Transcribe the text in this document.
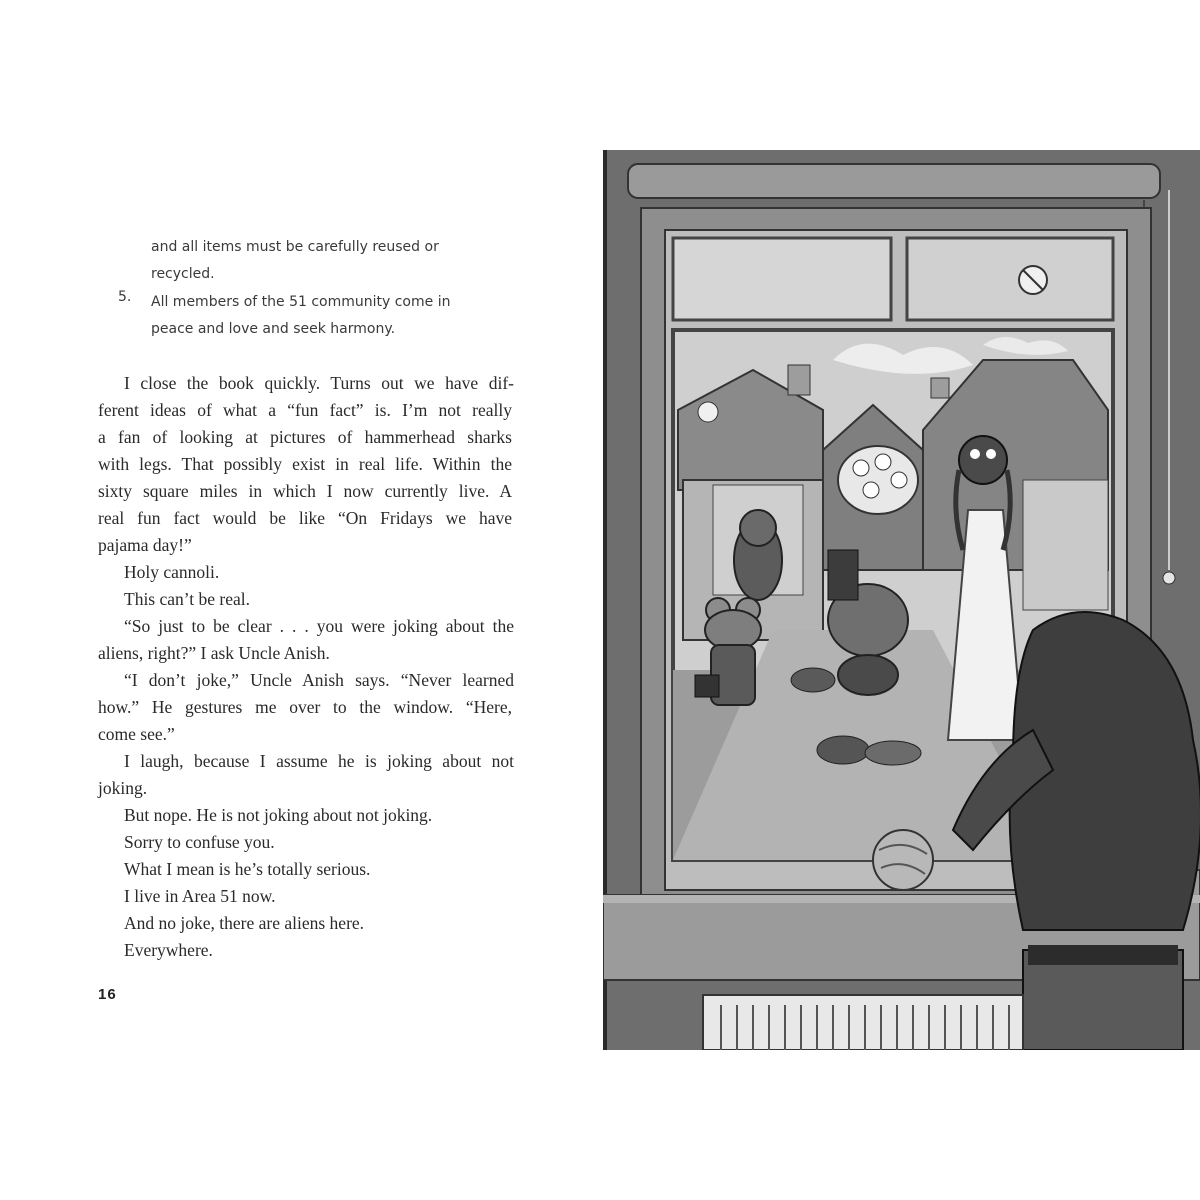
and all items must be carefully reused or
recycled.
5. All members of the 51 community come in
peace and love and seek harmony.
I close the book quickly. Turns out we have dif-
ferent ideas of what a “fun fact” is. I’m not really
a fan of looking at pictures of hammerhead sharks
with legs. That possibly exist in real life. Within the
sixty square miles in which I now currently live. A
real fun fact would be like “On Fridays we have
pajama day!”
Holy cannoli.
This can’t be real.
“So just to be clear . . . you were joking about the
aliens, right?” I ask Uncle Anish.
“I don’t joke,” Uncle Anish says. “Never learned
how.” He gestures me over to the window. “Here,
come see.”
I laugh, because I assume he is joking about not
joking.
But nope. He is not joking about not joking.
Sorry to confuse you.
What I mean is he’s totally serious.
I live in Area 51 now.
And no joke, there are aliens here.
Everywhere.
16
